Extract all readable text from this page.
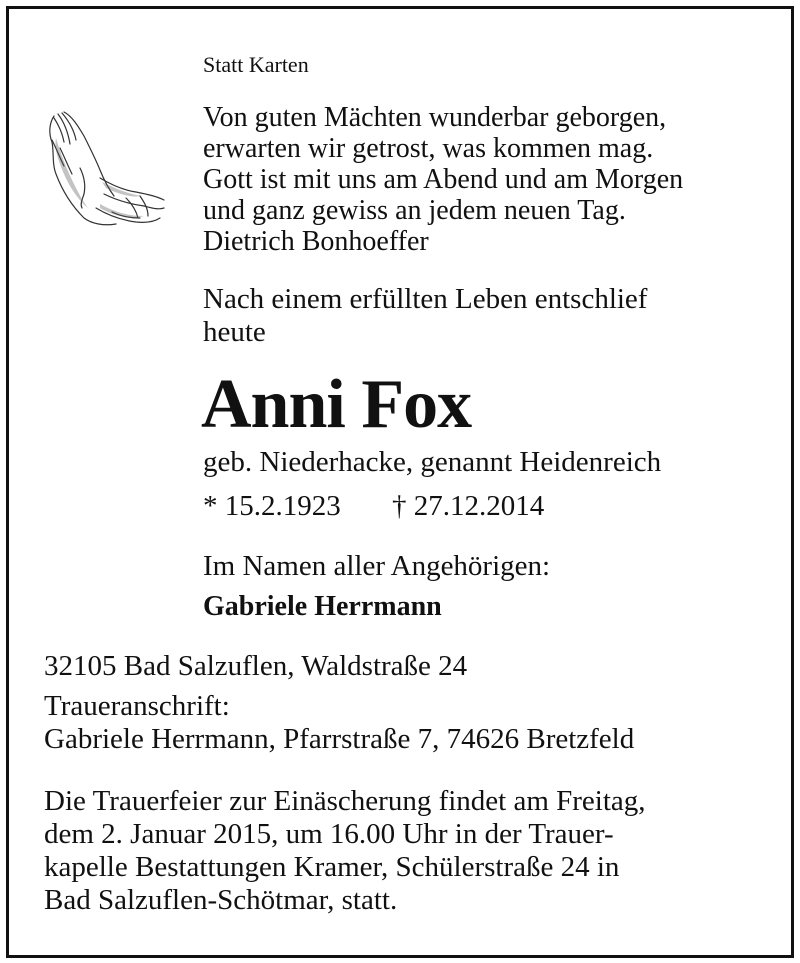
Statt Karten

Von guten Mächten wunderbar geborgen,
erwarten wir getrost, was kommen mag.
Gott ist mit uns am Abend und am Morgen
und ganz gewiss an jedem neuen Tag.
Dietrich Bonhoeffer
Nach einem erfüllten Leben entschlief
heute
Anni Fox

geb. Niederhacke, genannt Heidenreich

* 15.2.1923 † 27.12.2014

Im Namen aller Angehörigen:

Gabriele Herrmann

32105 Bad Salzuflen, Waldstraße 24

Traueranschrift:
Gabriele Herrmann, Pfarrstraße 7, 74626 Bretzfeld
Die Trauerfeier zur Einäscherung findet am Freitag,
dem 2. Januar 2015, um 16.00 Uhr in der Trauer-
kapelle Bestattungen Kramer, Schülerstraße 24 in
Bad Salzuflen-Schötmar, statt.
